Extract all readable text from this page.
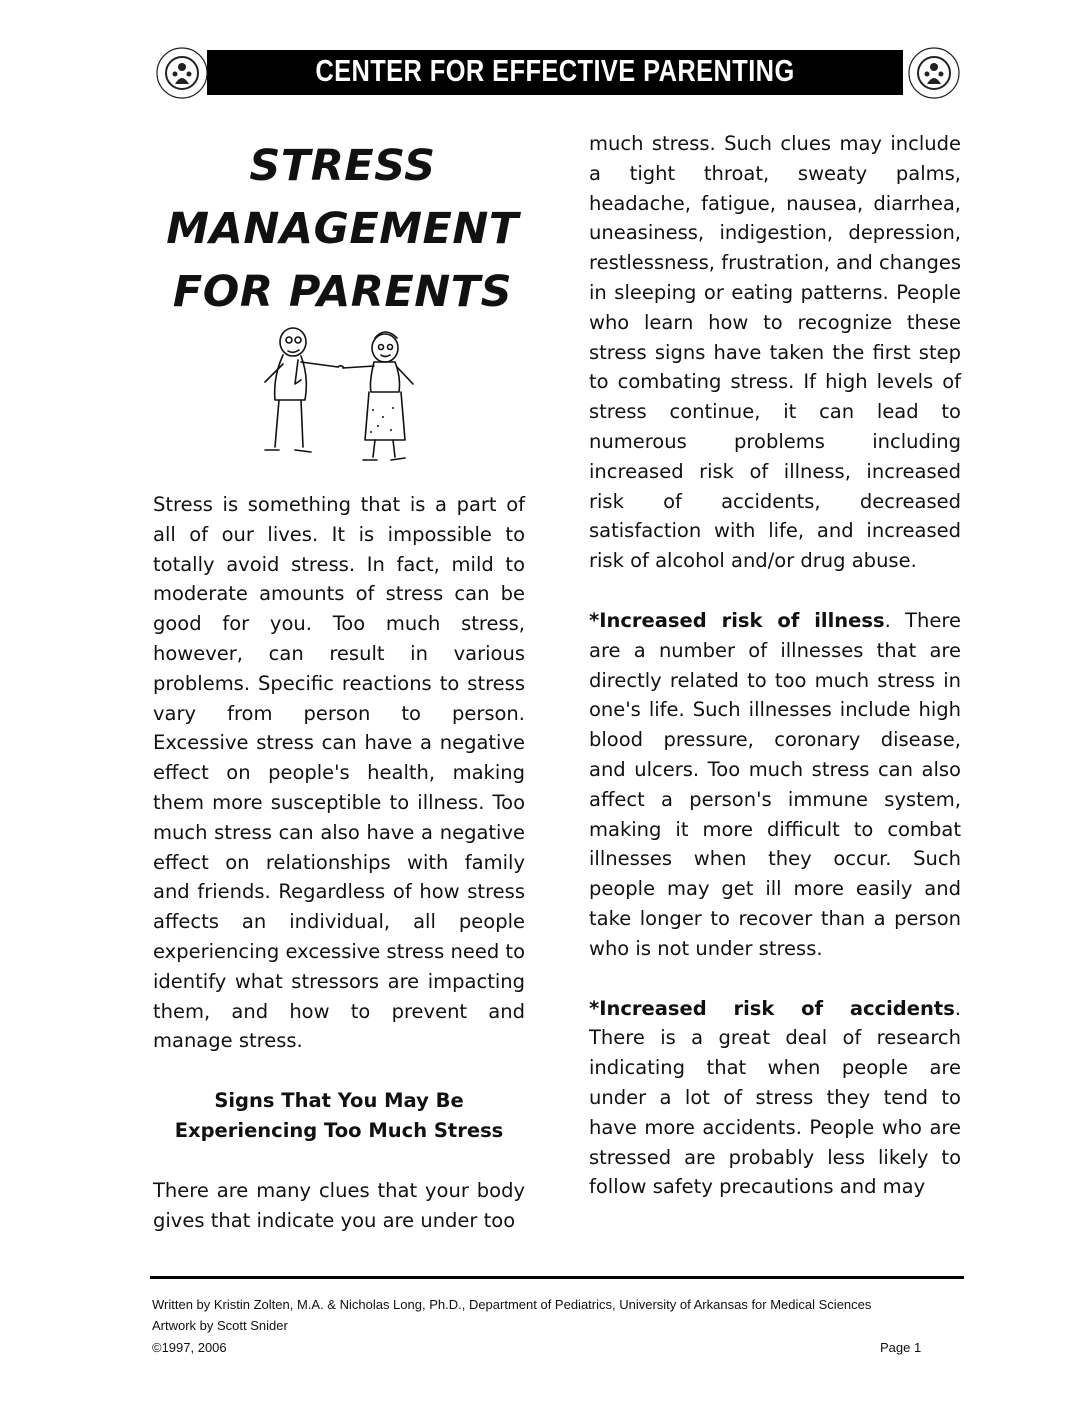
CENTER FOR EFFECTIVE PARENTING
STRESS
MANAGEMENT
FOR PARENTS

Stress is something that is a part of all of our lives. It is impossible to totally avoid stress. In fact, mild to moderate amounts of stress can be good for you. Too much stress, however, can result in various problems. Specific reactions to stress vary from person to person. Excessive stress can have a negative effect on people's health, making them more susceptible to illness. Too much stress can also have a negative effect on relationships with family and friends. Regardless of how stress affects an individual, all people experiencing excessive stress need to identify what stressors are impacting them, and how to prevent and manage stress.

Signs That You May Be
Experiencing Too Much Stress

There are many clues that your body gives that indicate you are under too

much stress. Such clues may include a tight throat, sweaty palms, headache, fatigue, nausea, diarrhea, uneasiness, indigestion, depression, restlessness, frustration, and changes in sleeping or eating patterns. People who learn how to recognize these stress signs have taken the first step to combating stress. If high levels of stress continue, it can lead to numerous problems including increased risk of illness, increased risk of accidents, decreased satisfaction with life, and increased risk of alcohol and/or drug abuse.

*Increased risk of illness. There are a number of illnesses that are directly related to too much stress in one's life. Such illnesses include high blood pressure, coronary disease, and ulcers. Too much stress can also affect a person's immune system, making it more difficult to combat illnesses when they occur. Such people may get ill more easily and take longer to recover than a person who is not under stress.

*Increased risk of accidents. There is a great deal of research indicating that when people are under a lot of stress they tend to have more accidents. People who are stressed are probably less likely to follow safety precautions and may

Written by Kristin Zolten, M.A. & Nicholas Long, Ph.D., Department of Pediatrics, University of Arkansas for Medical Sciences
Artwork by Scott Snider
©1997, 2006	Page 1
